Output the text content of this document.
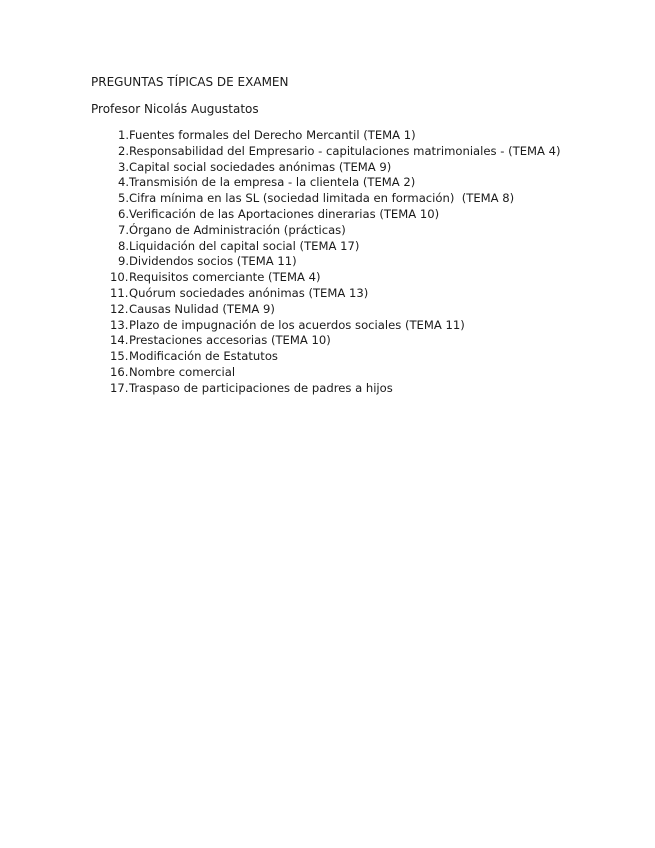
PREGUNTAS TÍPICAS DE EXAMEN
Profesor Nicolás Augustatos
1. Fuentes formales del Derecho Mercantil (TEMA 1)
2. Responsabilidad del Empresario - capitulaciones matrimoniales - (TEMA 4)
3. Capital social sociedades anónimas (TEMA 9)
4. Transmisión de la empresa - la clientela (TEMA 2)
5. Cifra mínima en las SL (sociedad limitada en formación)  (TEMA 8)
6. Verificación de las Aportaciones dinerarias (TEMA 10)
7. Órgano de Administración (prácticas)
8. Liquidación del capital social (TEMA 17)
9. Dividendos socios (TEMA 11)
10. Requisitos comerciante (TEMA 4)
11. Quórum sociedades anónimas (TEMA 13)
12. Causas Nulidad (TEMA 9)
13. Plazo de impugnación de los acuerdos sociales (TEMA 11)
14. Prestaciones accesorias (TEMA 10)
15. Modificación de Estatutos
16. Nombre comercial
17. Traspaso de participaciones de padres a hijos
